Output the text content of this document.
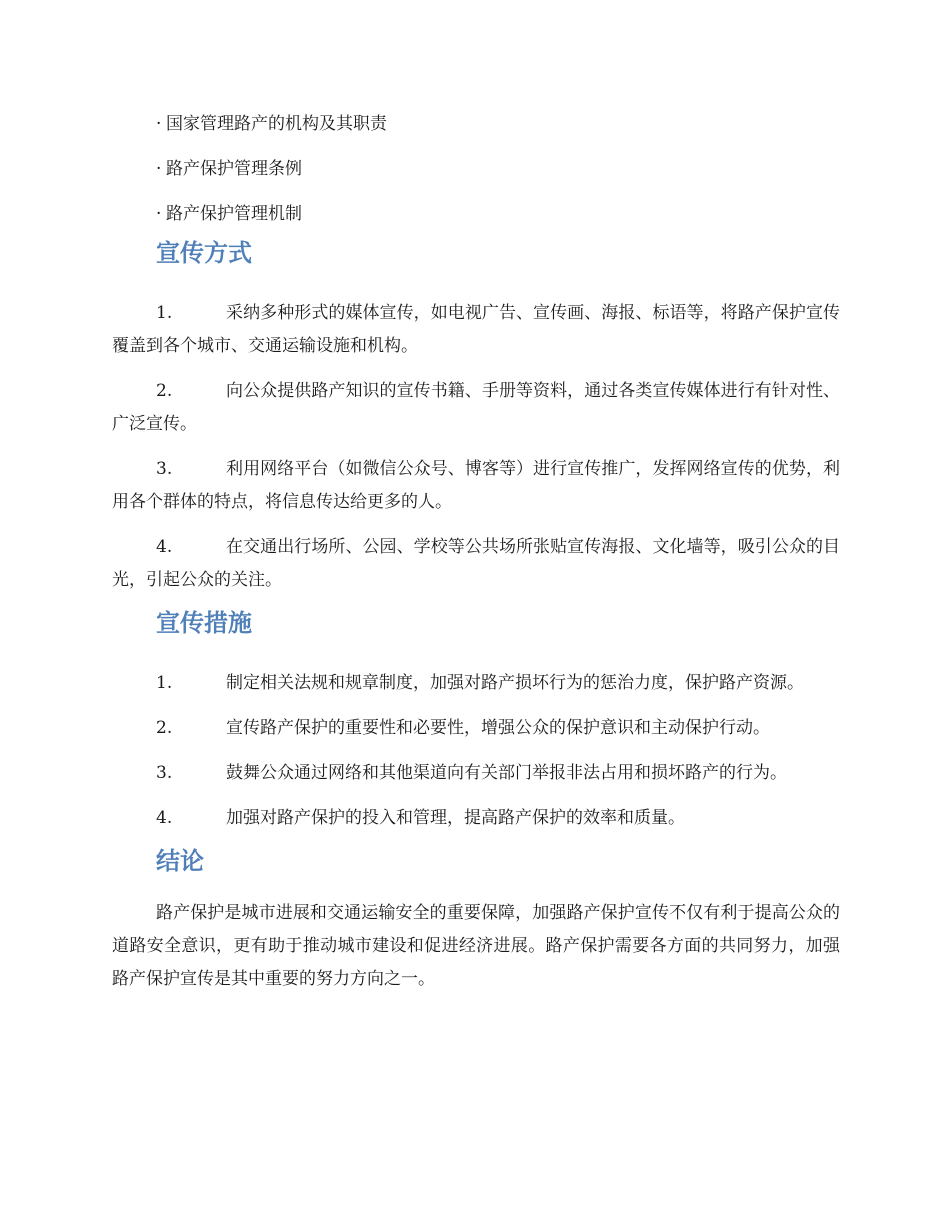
· 国家管理路产的机构及其职责
· 路产保护管理条例
· 路产保护管理机制
宣传方式
1.	采纳多种形式的媒体宣传，如电视广告、宣传画、海报、标语等，将路产保护宣传覆盖到各个城市、交通运输设施和机构。
2.	向公众提供路产知识的宣传书籍、手册等资料，通过各类宣传媒体进行有针对性、广泛宣传。
3.	利用网络平台（如微信公众号、博客等）进行宣传推广，发挥网络宣传的优势，利用各个群体的特点，将信息传达给更多的人。
4.	在交通出行场所、公园、学校等公共场所张贴宣传海报、文化墙等，吸引公众的目光，引起公众的关注。
宣传措施
1.	制定相关法规和规章制度，加强对路产损坏行为的惩治力度，保护路产资源。
2.	宣传路产保护的重要性和必要性，增强公众的保护意识和主动保护行动。
3.	鼓舞公众通过网络和其他渠道向有关部门举报非法占用和损坏路产的行为。
4.	加强对路产保护的投入和管理，提高路产保护的效率和质量。
结论

路产保护是城市进展和交通运输安全的重要保障，加强路产保护宣传不仅有利于提高公众的道路安全意识，更有助于推动城市建设和促进经济进展。路产保护需要各方面的共同努力，加强路产保护宣传是其中重要的努力方向之一。
